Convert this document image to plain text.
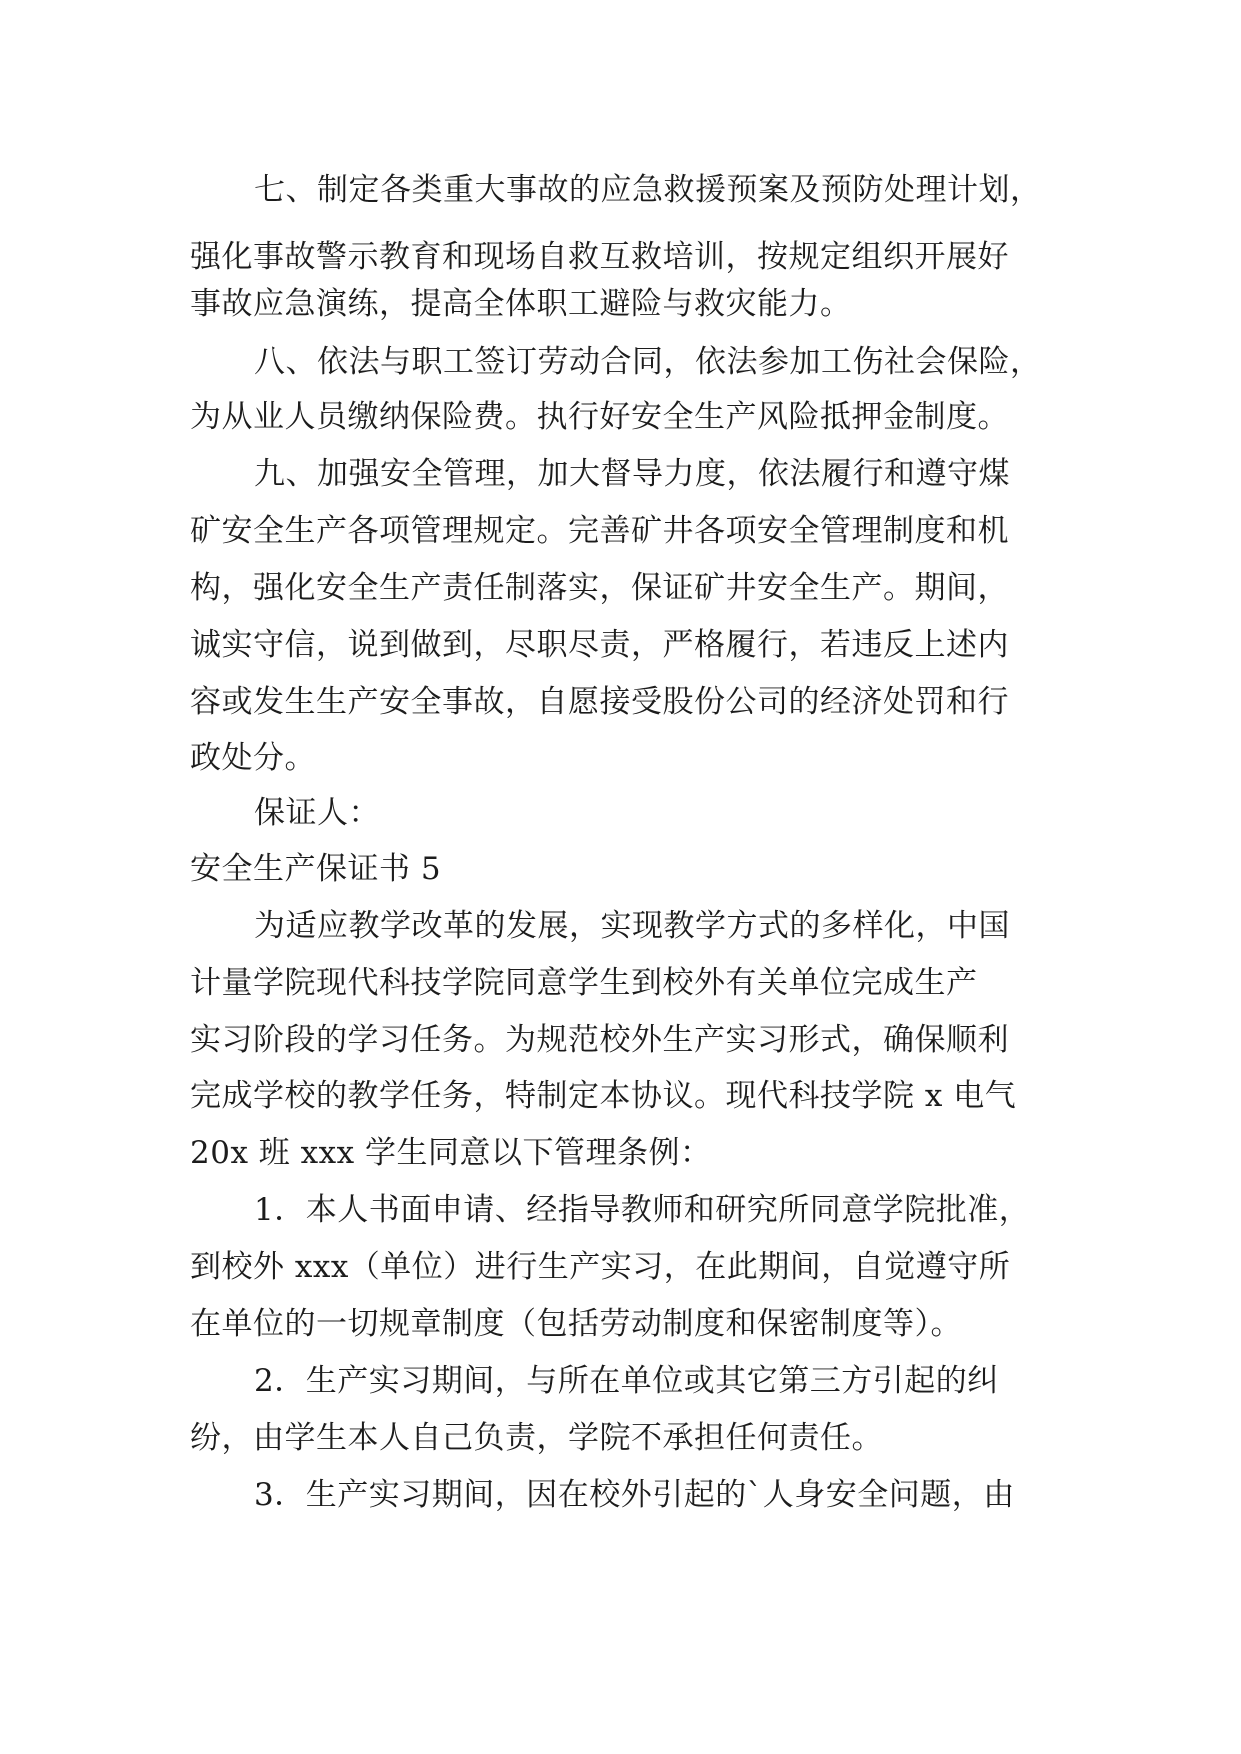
七、制定各类重大事故的应急救援预案及预防处理计划，
强化事故警示教育和现场自救互救培训，按规定组织开展好
事故应急演练，提高全体职工避险与救灾能力。
八、依法与职工签订劳动合同，依法参加工伤社会保险，
为从业人员缴纳保险费。执行好安全生产风险抵押金制度。
九、加强安全管理，加大督导力度，依法履行和遵守煤
矿安全生产各项管理规定。完善矿井各项安全管理制度和机
构，强化安全生产责任制落实，保证矿井安全生产。期间，
诚实守信，说到做到，尽职尽责，严格履行，若违反上述内
容或发生生产安全事故，自愿接受股份公司的经济处罚和行
政处分。
保证人：
安全生产保证书 5
为适应教学改革的发展，实现教学方式的多样化，中国
计量学院现代科技学院同意学生到校外有关单位完成生产
实习阶段的学习任务。为规范校外生产实习形式，确保顺利
完成学校的教学任务，特制定本协议。现代科技学院 x 电气
20x 班 xxx 学生同意以下管理条例：
1．本人书面申请、经指导教师和研究所同意学院批准，
到校外 xxx（单位）进行生产实习，在此期间，自觉遵守所
在单位的一切规章制度（包括劳动制度和保密制度等）。
2．生产实习期间，与所在单位或其它第三方引起的纠
纷，由学生本人自己负责，学院不承担任何责任。
3．生产实习期间，因在校外引起的`人身安全问题，由
